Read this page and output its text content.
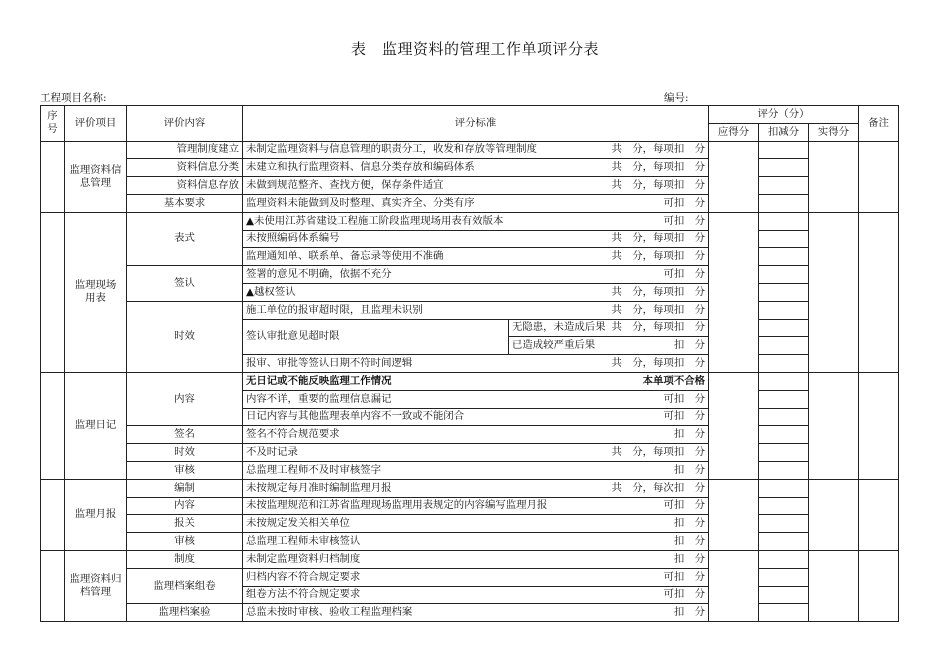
表　监理资料的管理工作单项评分表
工程项目名称:	编号:
序号	评价项目	评价内容	评分标准		评分（分）			备注
					应得分	扣减分	实得分	
	监理资料信息管理	管理制度建立	未制定监理资料与信息管理的职责分工，收发和存放等管理制度 共　分，每项扣　分					

		资料信息分类	未建立和执行监理资料、信息分类存放和编码体系 共　分，每项扣　分					

		资料信息存放	未做到规范整齐、查找方便，保存条件适宜 共　分，每项扣　分					

		基本要求	监理资料未能做到及时整理、真实齐全、分类有序 可扣　分					

	监理现场用表	表式	▲未使用江苏省建设工程施工阶段监理现场用表有效版本 可扣　分					

			未按照编码体系编号 共　分，每项扣　分					

			监理通知单、联系单、备忘录等使用不准确 共　分，每项扣　分					

		签认	签署的意见不明确，依据不充分 可扣　分					

			▲越权签认 共　分，每项扣　分					

		时效	施工单位的报审超时限，且监理未识别 共　分，每项扣　分					

			签认审批意见超时限	无隐患，未造成后果 共　分，每项扣　分				

				已造成较严重后果 扣　分				

			报审、审批等签认日期不符时间逻辑 共　分，每项扣　分					

	监理日记	内容	无日记或不能反映监理工作情况 本单项不合格					

			内容不详，重要的监理信息漏记 可扣　分					

			日记内容与其他监理表单内容不一致或不能闭合 可扣　分					

		签名	签名不符合规范要求 扣　分					

		时效	不及时记录 共　分，每项扣　分					

		审核	总监理工程师不及时审核签字 扣　分					

	监理月报	编制	未按规定每月准时编制监理月报 共　分，每次扣　分					

		内容	未按监理规范和江苏省监理现场监理用表规定的内容编写监理月报 可扣　分					

		报关	未按规定发关相关单位 扣　分					

		审核	总监理工程师未审核签认 扣　分					

	监理资料归档管理	制度	未制定监理资料归档制度 扣　分					

		监理档案组卷	归档内容不符合规定要求 可扣　分					

			组卷方法不符合规定要求 可扣　分					

		监理档案验	总监未按时审核、验收工程监理档案 扣　分					
